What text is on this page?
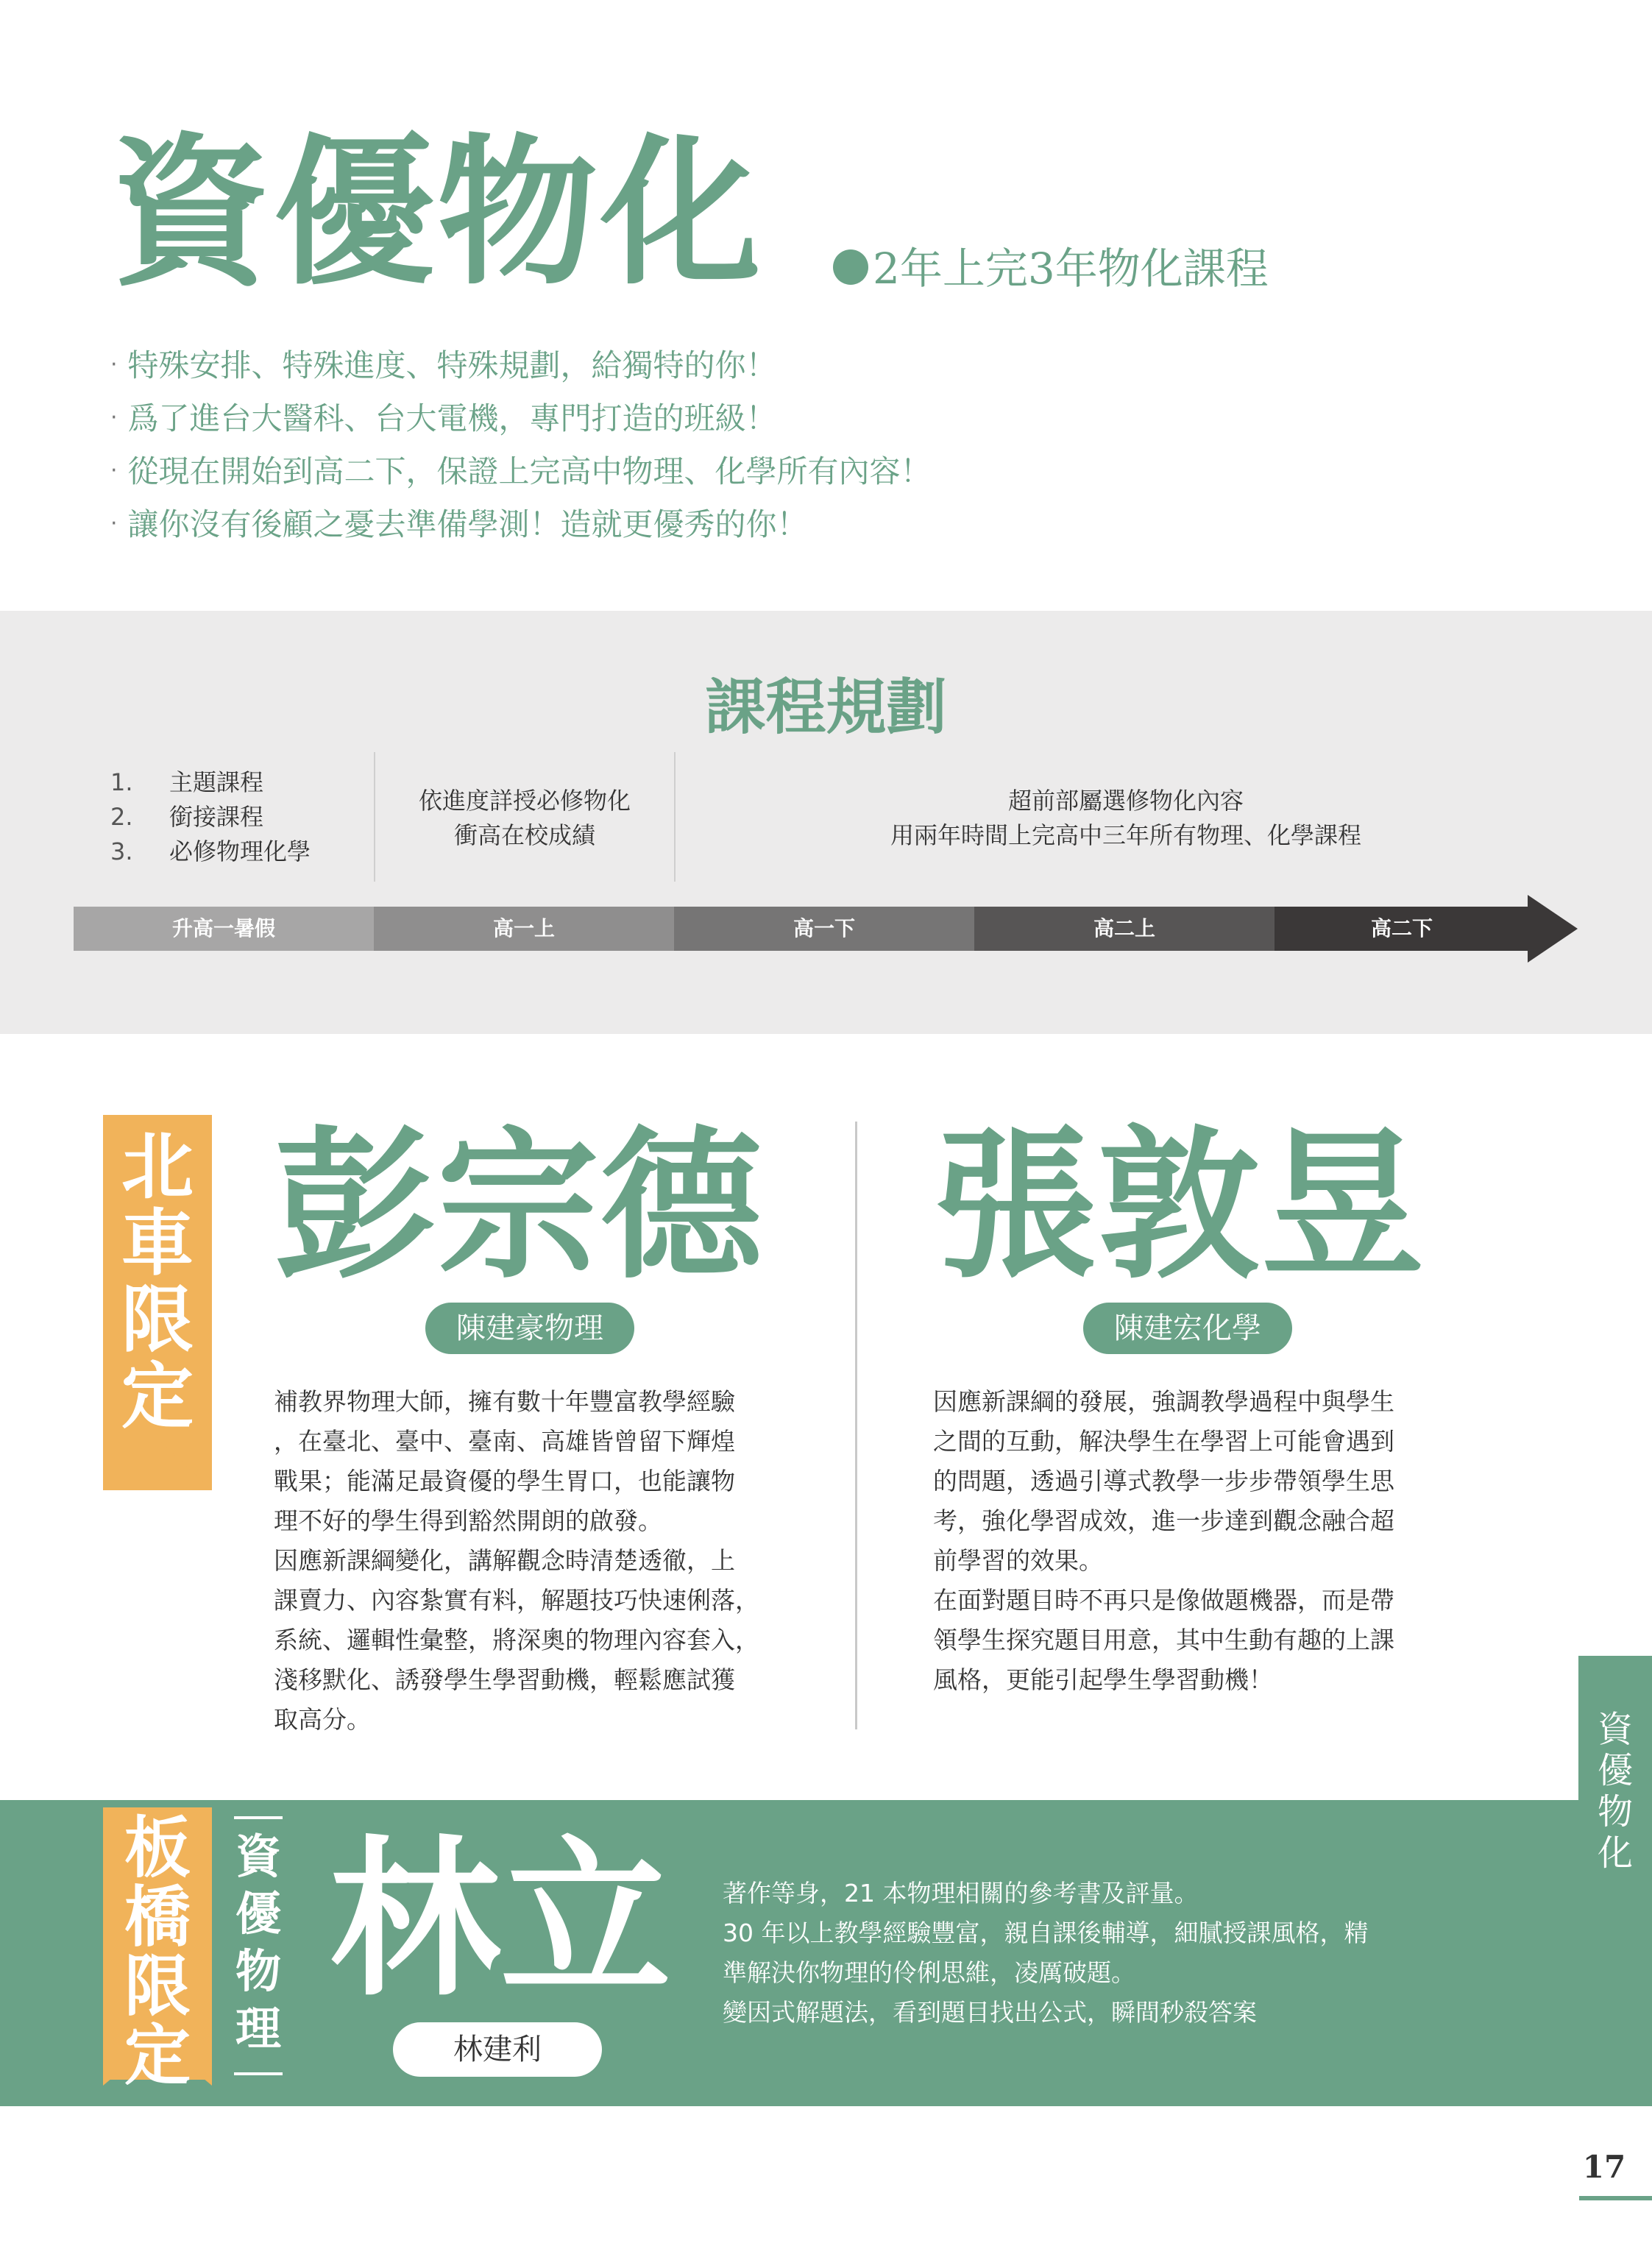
資優物化	2年上完3年物化課程
· 特殊安排、特殊進度、特殊規劃，給獨特的你！
· 爲了進台大醫科、台大電機，專門打造的班級！
· 從現在開始到高二下，保證上完高中物理、化學所有內容！
· 讓你沒有後顧之憂去準備學測！造就更優秀的你！
課程規劃
1. 主題課程
2. 銜接課程
3. 必修物理化學
依進度詳授必修物化
衝高在校成績
超前部屬選修物化內容
用兩年時間上完高中三年所有物理、化學課程
升高一暑假	高一上	高一下	高二上	高二下
北
車
限
定
彭宗德
陳建豪物理

補教界物理大師，擁有數十年豐富教學經驗

，在臺北、臺中、臺南、高雄皆曾留下輝煌

戰果；能滿足最資優的學生胃口，也能讓物

理不好的學生得到豁然開朗的啟發。

因應新課綱變化，講解觀念時清楚透徹，上

課賣力、內容紮實有料，解題技巧快速俐落，

系統、邏輯性彙整，將深奧的物理內容套入，

淺移默化、誘發學生學習動機，輕鬆應試獲

取高分。

張敦昱
陳建宏化學

因應新課綱的發展，強調教學過程中與學生

之間的互動，解決學生在學習上可能會遇到

的問題，透過引導式教學一步步帶領學生思

考，強化學習成效，進一步達到觀念融合超

前學習的效果。

在面對題目時不再只是像做題機器，而是帶

領學生探究題目用意，其中生動有趣的上課

風格，更能引起學生學習動機！

資
優
物
化
板
橋
限
定
資
優
物
理
林立
林建利

著作等身，21 本物理相關的參考書及評量。

30 年以上教學經驗豐富，親自課後輔導，細膩授課風格，精

準解決你物理的伶俐思維，凌厲破題。

變因式解題法，看到題目找出公式，瞬間秒殺答案

17
